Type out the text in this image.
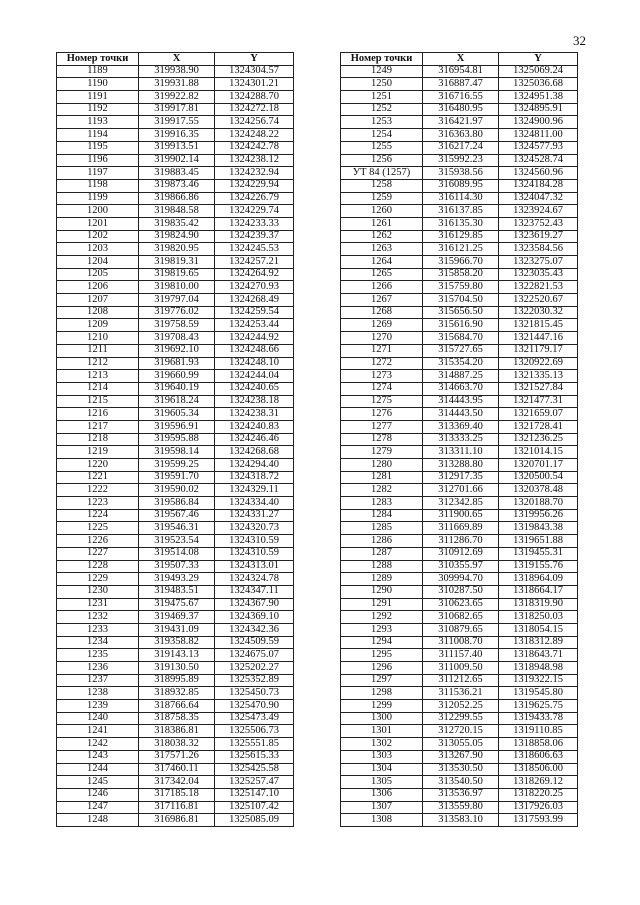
32
Номер точки	X	Y
1189	319938.90	1324304.57
1190	319931.88	1324301.21
1191	319922.82	1324288.70
1192	319917.81	1324272.18
1193	319917.55	1324256.74
1194	319916.35	1324248.22
1195	319913.51	1324242.78
1196	319902.14	1324238.12
1197	319883.45	1324232.94
1198	319873.46	1324229.94
1199	319866.86	1324226.79
1200	319848.58	1324229.74
1201	319835.42	1324233.33
1202	319824.90	1324239.37
1203	319820.95	1324245.53
1204	319819.31	1324257.21
1205	319819.65	1324264.92
1206	319810.00	1324270.93
1207	319797.04	1324268.49
1208	319776.02	1324259.54
1209	319758.59	1324253.44
1210	319708.43	1324244.92
1211	319692.10	1324248.66
1212	319681.93	1324248.10
1213	319660.99	1324244.04
1214	319640.19	1324240.65
1215	319618.24	1324238.18
1216	319605.34	1324238.31
1217	319596.91	1324240.83
1218	319595.88	1324246.46
1219	319598.14	1324268.68
1220	319599.25	1324294.40
1221	319591.70	1324318.72
1222	319590.02	1324329.11
1223	319586.84	1324334.40
1224	319567.46	1324331.27
1225	319546.31	1324320.73
1226	319523.54	1324310.59
1227	319514.08	1324310.59
1228	319507.33	1324313.01
1229	319493.29	1324324.78
1230	319483.51	1324347.11
1231	319475.67	1324367.90
1232	319469.37	1324369.10
1233	319431.09	1324342.36
1234	319358.82	1324509.59
1235	319143.13	1324675.07
1236	319130.50	1325202.27
1237	318995.89	1325352.89
1238	318932.85	1325450.73
1239	318766.64	1325470.90
1240	318758.35	1325473.49
1241	318386.81	1325506.73
1242	318038.32	1325551.85
1243	317571.26	1325615.33
1244	317460.11	1325425.58
1245	317342.04	1325257.47
1246	317185.18	1325147.10
1247	317116.81	1325107.42
1248	316986.81	1325085.09
Номер точки	X	Y
1249	316954.81	1325069.24
1250	316887.47	1325036.68
1251	316716.55	1324951.38
1252	316480.95	1324895.91
1253	316421.97	1324900.96
1254	316363.80	1324811.00
1255	316217.24	1324577.93
1256	315992.23	1324528.74
УТ 84 (1257)	315938.56	1324560.96
1258	316089.95	1324184.28
1259	316114.30	1324047.32
1260	316137.85	1323924.67
1261	316135.30	1323752.43
1262	316129.85	1323619.27
1263	316121.25	1323584.56
1264	315966.70	1323275.07
1265	315858.20	1323035.43
1266	315759.80	1322821.53
1267	315704.50	1322520.67
1268	315656.50	1322030.32
1269	315616.90	1321815.45
1270	315684.70	1321447.16
1271	315727.65	1321179.17
1272	315354.20	1320922.69
1273	314887.25	1321335.13
1274	314663.70	1321527.84
1275	314443.95	1321477.31
1276	314443.50	1321659.07
1277	313369.40	1321728.41
1278	313333.25	1321236.25
1279	313311.10	1321014.15
1280	313288.80	1320701.17
1281	312917.35	1320500.54
1282	312701.66	1320378.48
1283	312342.85	1320188.70
1284	311900.65	1319956.26
1285	311669.89	1319843.38
1286	311286.70	1319651.88
1287	310912.69	1319455.31
1288	310355.97	1319155.76
1289	309994.70	1318964.09
1290	310287.50	1318664.17
1291	310623.65	1318319.90
1292	310682.65	1318250.03
1293	310879.65	1318054.15
1294	311008.70	1318312.89
1295	311157.40	1318643.71
1296	311009.50	1318948.98
1297	311212.65	1319322.15
1298	311536.21	1319545.80
1299	312052.25	1319625.75
1300	312299.55	1319433.78
1301	312720.15	1319110.85
1302	313055.05	1318858.06
1303	313267.90	1318606.63
1304	313530.50	1318506.00
1305	313540.50	1318269.12
1306	313536.97	1318220.25
1307	313559.80	1317926.03
1308	313583.10	1317593.99
